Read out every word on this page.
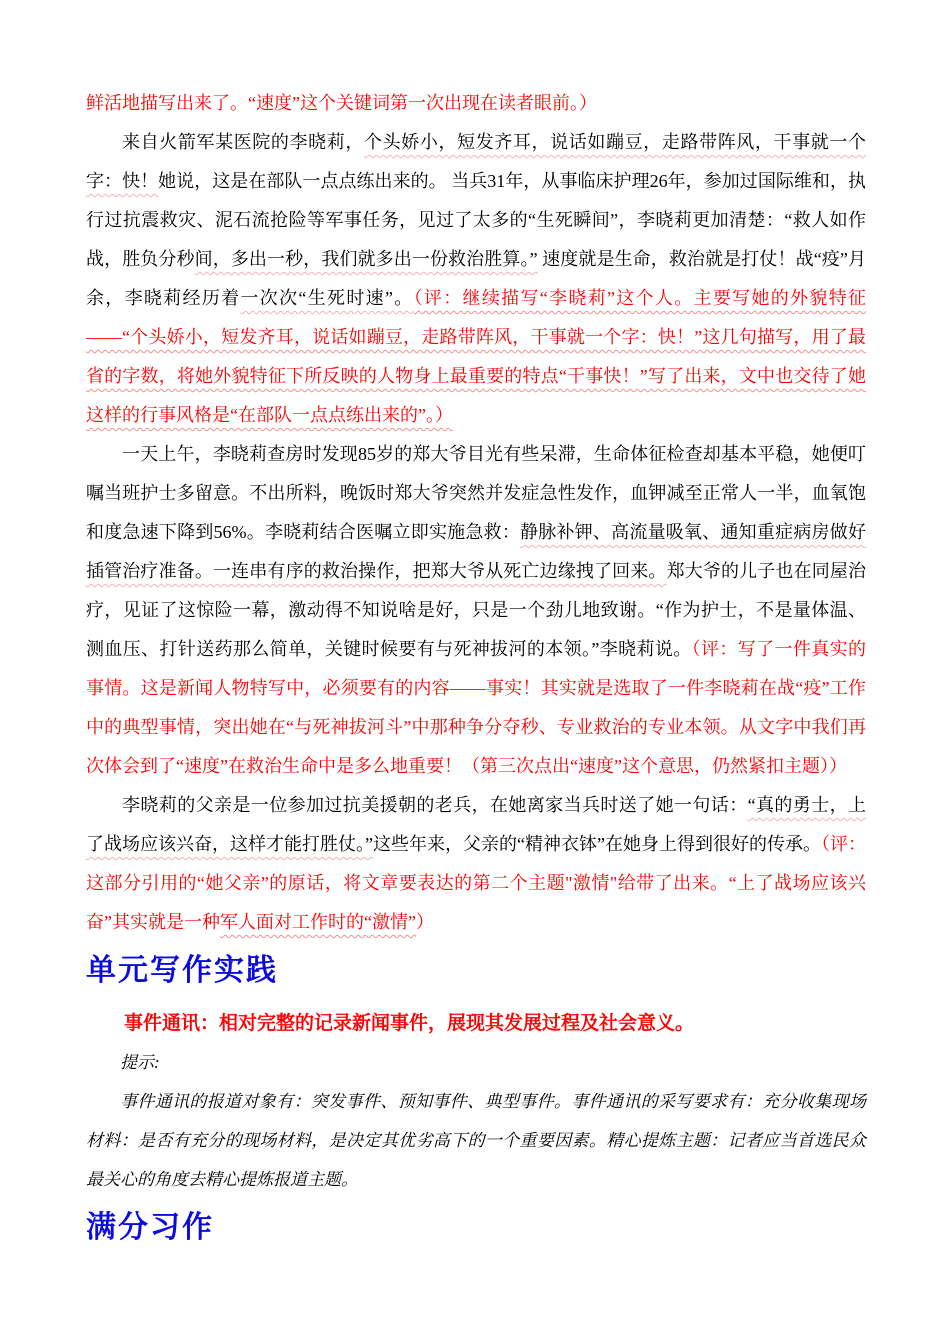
鲜活地描写出来了。“速度”这个关键词第一次出现在读者眼前。）

来自火箭军某医院的李晓莉，个头娇小，短发齐耳，说话如蹦豆，走路带阵风，干事就一个字：快！她说，这是在部队一点点练出来的。 当兵31年，从事临床护理26年，参加过国际维和，执行过抗震救灾、泥石流抢险等军事任务，见过了太多的“生死瞬间”，李晓莉更加清楚：“救人如作战，胜负分秒间，多出一秒，我们就多出一份救治胜算。” 速度就是生命，救治就是打仗！战“疫”月余，李晓莉经历着一次次“生死时速”。（评：继续描写“李晓莉”这个人。主要写她的外貌特征——“个头娇小，短发齐耳，说话如蹦豆，走路带阵风，干事就一个字：快！”这几句描写，用了最省的字数，将她外貌特征下所反映的人物身上最重要的特点“干事快！”写了出来，文中也交待了她这样的行事风格是“在部队一点点练出来的”。）

一天上午，李晓莉查房时发现85岁的郑大爷目光有些呆滞，生命体征检查却基本平稳，她便叮嘱当班护士多留意。不出所料，晚饭时郑大爷突然并发症急性发作，血钾减至正常人一半，血氧饱和度急速下降到56%。李晓莉结合医嘱立即实施急救：静脉补钾、高流量吸氧、通知重症病房做好插管治疗准备。一连串有序的救治操作，把郑大爷从死亡边缘拽了回来。郑大爷的儿子也在同屋治疗，见证了这惊险一幕，激动得不知说啥是好，只是一个劲儿地致谢。“作为护士，不是量体温、测血压、打针送药那么简单，关键时候要有与死神拔河的本领。”李晓莉说。（评：写了一件真实的事情。这是新闻人物特写中，必须要有的内容——事实！其实就是选取了一件李晓莉在战“疫”工作中的典型事情，突出她在“与死神拔河斗”中那种争分夺秒、专业救治的专业本领。从文字中我们再次体会到了“速度”在救治生命中是多么地重要！（第三次点出“速度”这个意思，仍然紧扣主题））

李晓莉的父亲是一位参加过抗美援朝的老兵，在她离家当兵时送了她一句话：“真的勇士，上了战场应该兴奋，这样才能打胜仗。”这些年来，父亲的“精神衣钵”在她身上得到很好的传承。（评：这部分引用的“她父亲”的原话，将文章要表达的第二个主题"激情"给带了出来。“上了战场应该兴奋”其实就是一种军人面对工作时的“激情”）

单元写作实践

事件通讯：相对完整的记录新闻事件，展现其发展过程及社会意义。

提示:

事件通讯的报道对象有：突发事件、预知事件、典型事件。事件通讯的采写要求有：充分收集现场材料：是否有充分的现场材料，是决定其优劣高下的一个重要因素。精心提炼主题：记者应当首选民众最关心的角度去精心提炼报道主题。

满分习作
